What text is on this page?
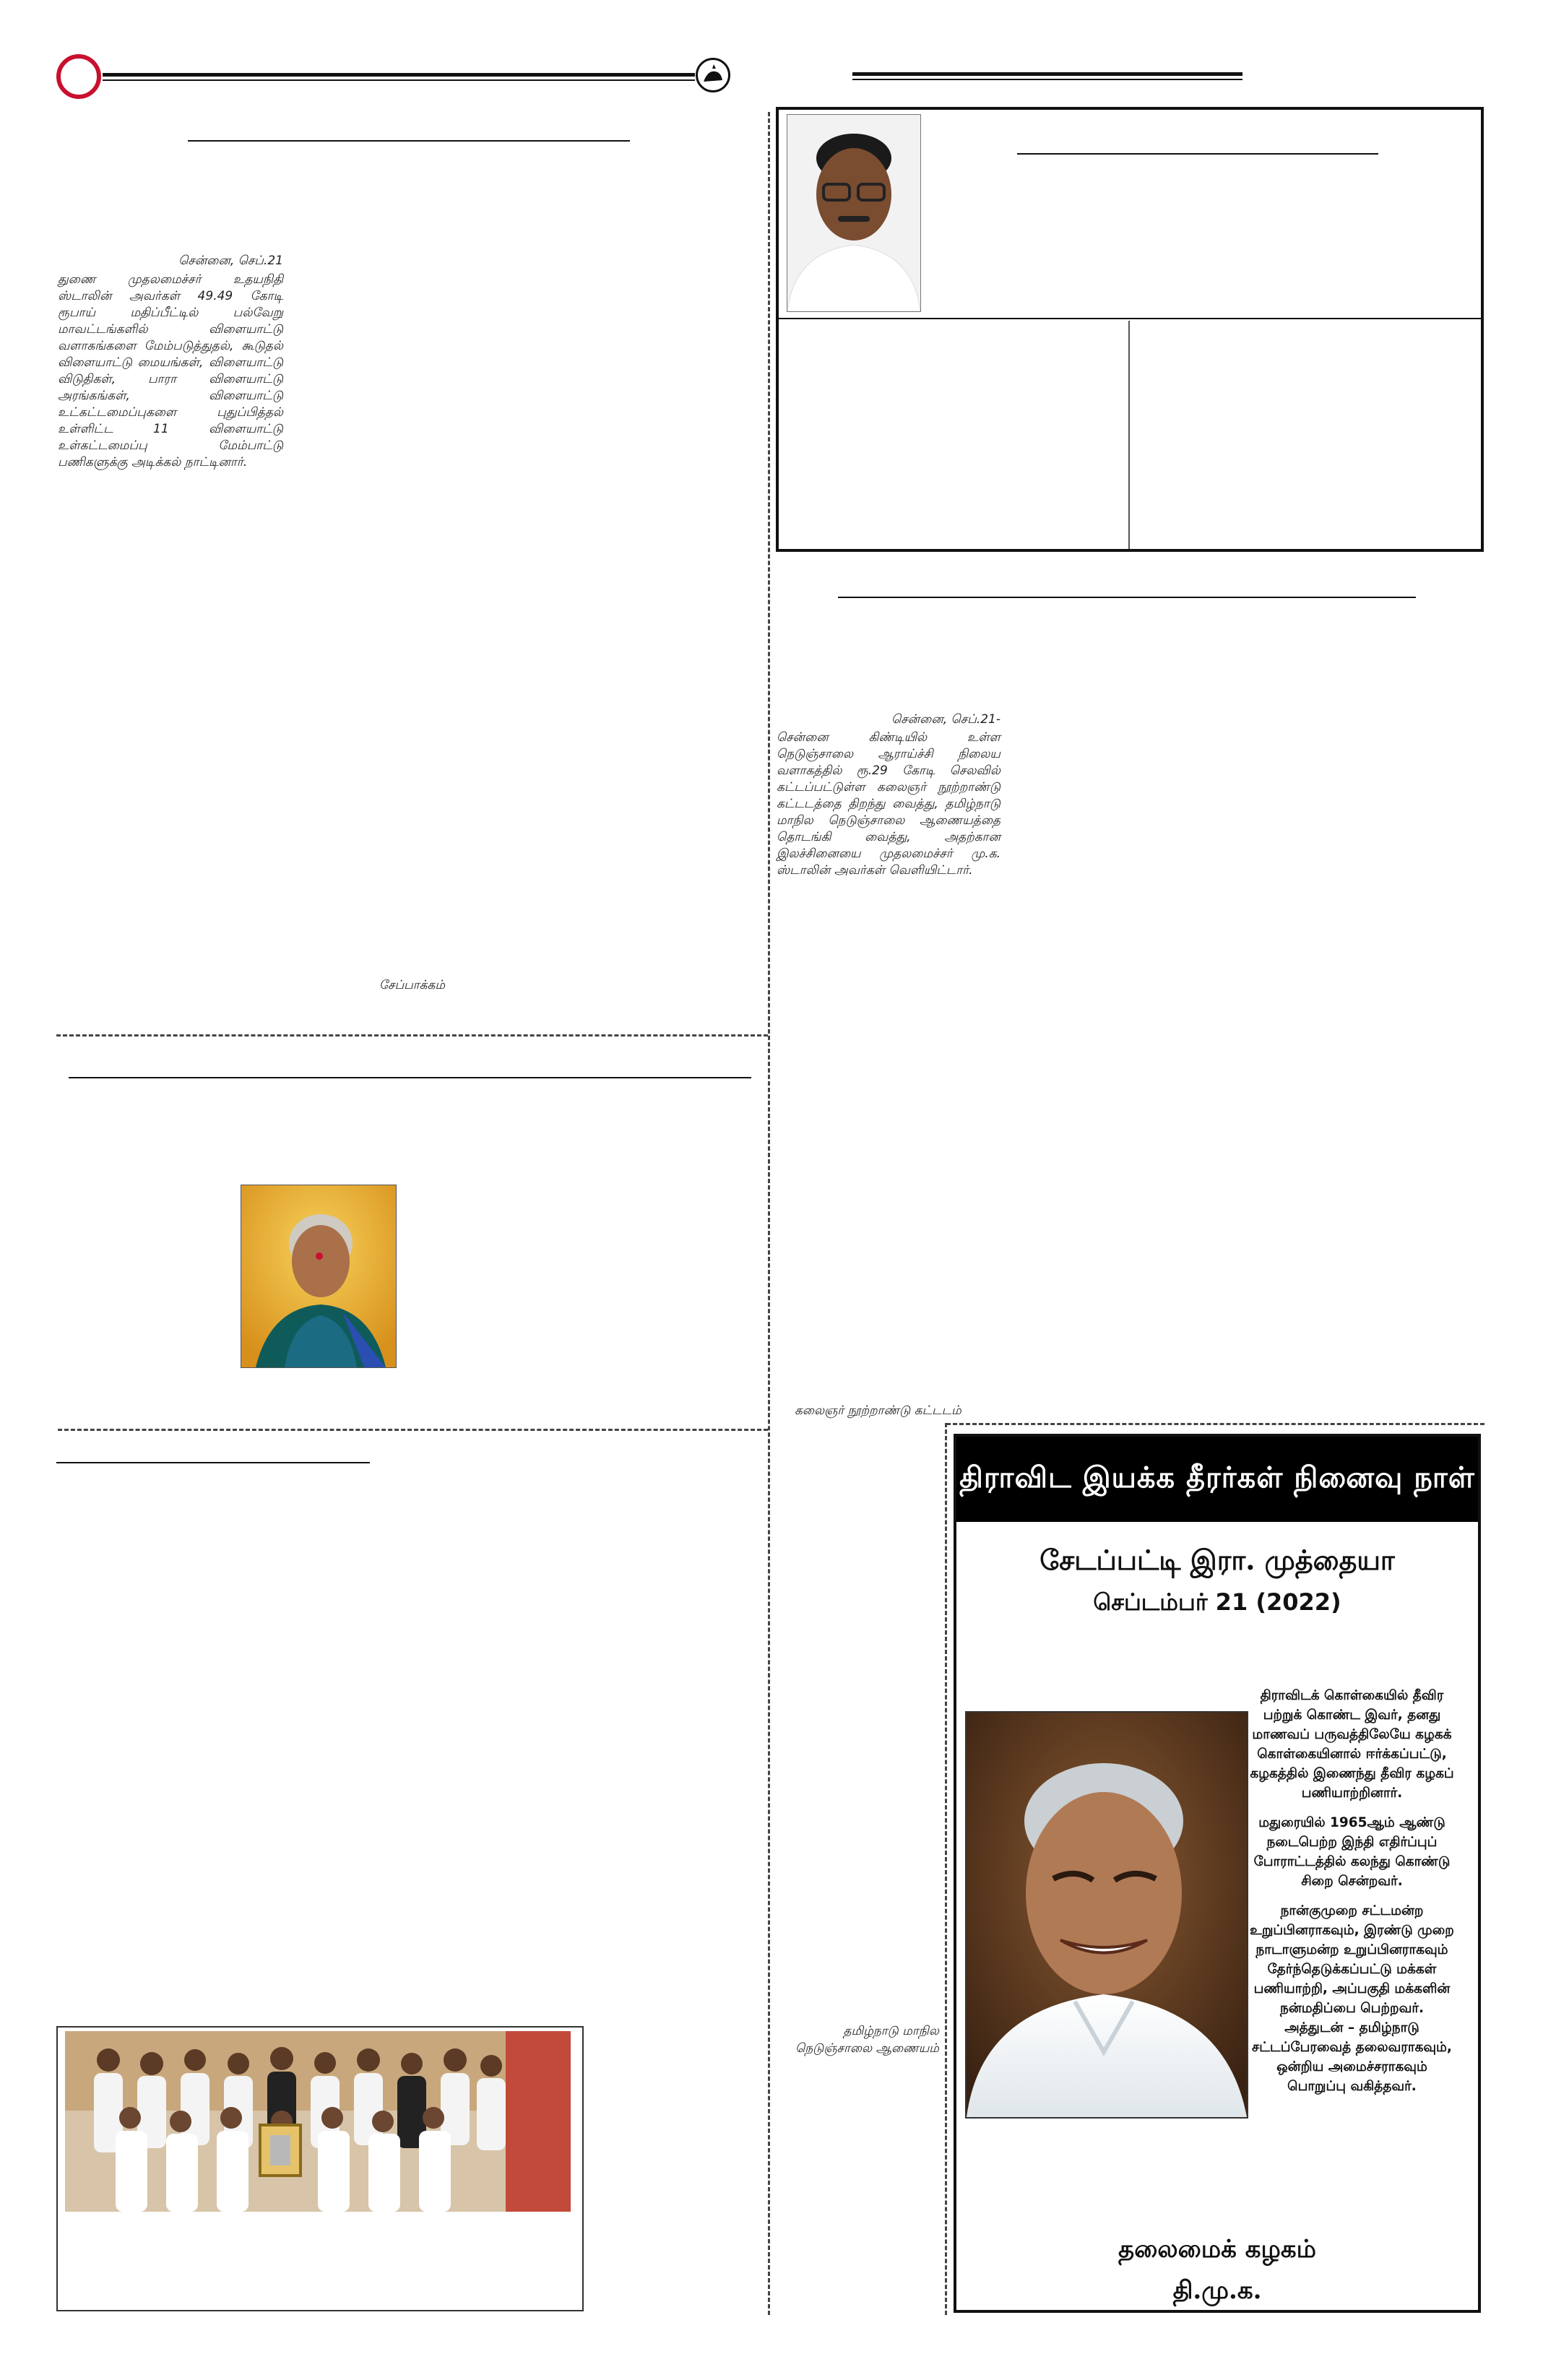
சென்னை, செப்.21
துணை முதலமைச்சர் உதயநிதி ஸ்டாலின் அவர்கள் 49.49 கோடி ரூபாய் மதிப்பீட்டில் பல்வேறு மாவட்டங்களில் விளையாட்டு வளாகங்களை மேம்படுத்துதல், கூடுதல் விளையாட்டு மையங்கள், விளையாட்டு விடுதிகள், பாரா விளையாட்டு அரங்கங்கள், விளையாட்டு உட்கட்டமைப்புகளை புதுப்பித்தல் உள்ளிட்ட 11 விளையாட்டு உள்கட்டமைப்பு மேம்பாட்டு பணிகளுக்கு அடிக்கல் நாட்டினார்.
சேப்பாக்கம்
சென்னை, செப்.21-
சென்னை கிண்டியில் உள்ள நெடுஞ்சாலை ஆராய்ச்சி நிலைய வளாகத்தில் ரூ.29 கோடி செலவில் கட்டப்பட்டுள்ள கலைஞர் நூற்றாண்டு கட்டடத்தை திறந்து வைத்து, தமிழ்நாடு மாநில நெடுஞ்சாலை ஆணையத்தை தொடங்கி வைத்து, அதற்கான இலச்சினையை முதலமைச்சர் மு.க. ஸ்டாலின் அவர்கள் வெளியிட்டார்.
கலைஞர் நூற்றாண்டு கட்டடம்
தமிழ்நாடு மாநில நெடுஞ்சாலை ஆணையம்
திராவிட இயக்க தீரர்கள் நினைவு நாள்
சேடப்பட்டி இரா. முத்தையா
செப்டம்பர் 21 (2022)

திராவிடக் கொள்கையில் தீவிர பற்றுக் கொண்ட இவர், தனது மாணவப் பருவத்திலேயே கழகக் கொள்கையினால் ஈர்க்கப்பட்டு, கழகத்தில் இணைந்து தீவிர கழகப் பணியாற்றினார்.

மதுரையில் 1965ஆம் ஆண்டு நடைபெற்ற இந்தி எதிர்ப்புப் போராட்டத்தில் கலந்து கொண்டு சிறை சென்றவர்.

நான்குமுறை சட்டமன்ற உறுப்பினராகவும், இரண்டு முறை நாடாளுமன்ற உறுப்பினராகவும் தேர்ந்தெடுக்கப்பட்டு மக்கள் பணியாற்றி, அப்பகுதி மக்களின் நன்மதிப்பை பெற்றவர். அத்துடன் – தமிழ்நாடு சட்டப்பேரவைத் தலைவராகவும், ஒன்றிய அமைச்சராகவும் பொறுப்பு வகித்தவர்.

தலைமைக் கழகம்
தி.மு.க.
